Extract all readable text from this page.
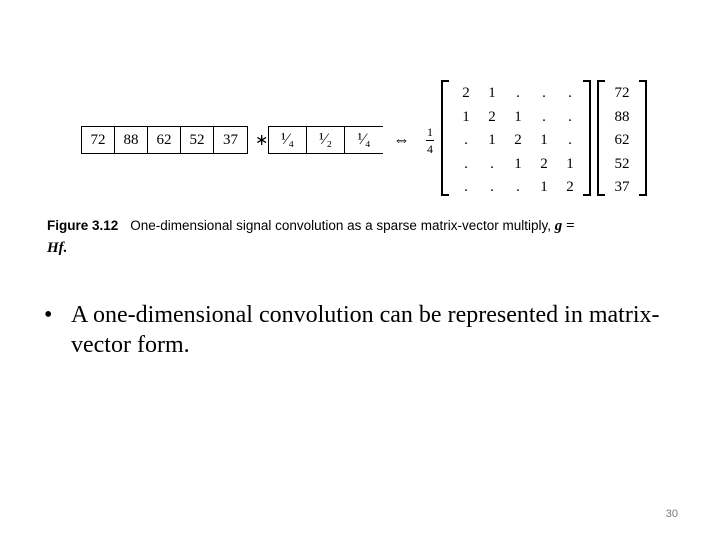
72	88	62	52	37	∗ ¹⁄₄	¹⁄₂	¹⁄₄	⇔ 1
4
2	1	.	.	.
1	2	1	.	.
.	1	2	1	.
.	.	1	2	1
.	.	.	1	2
72
88
62
52
37
Figure 3.12 One-dimensional signal convolution as a sparse matrix-vector multiply, g =
Hf.
• A one-dimensional convolution can be represented in matrix-vector form.
30
